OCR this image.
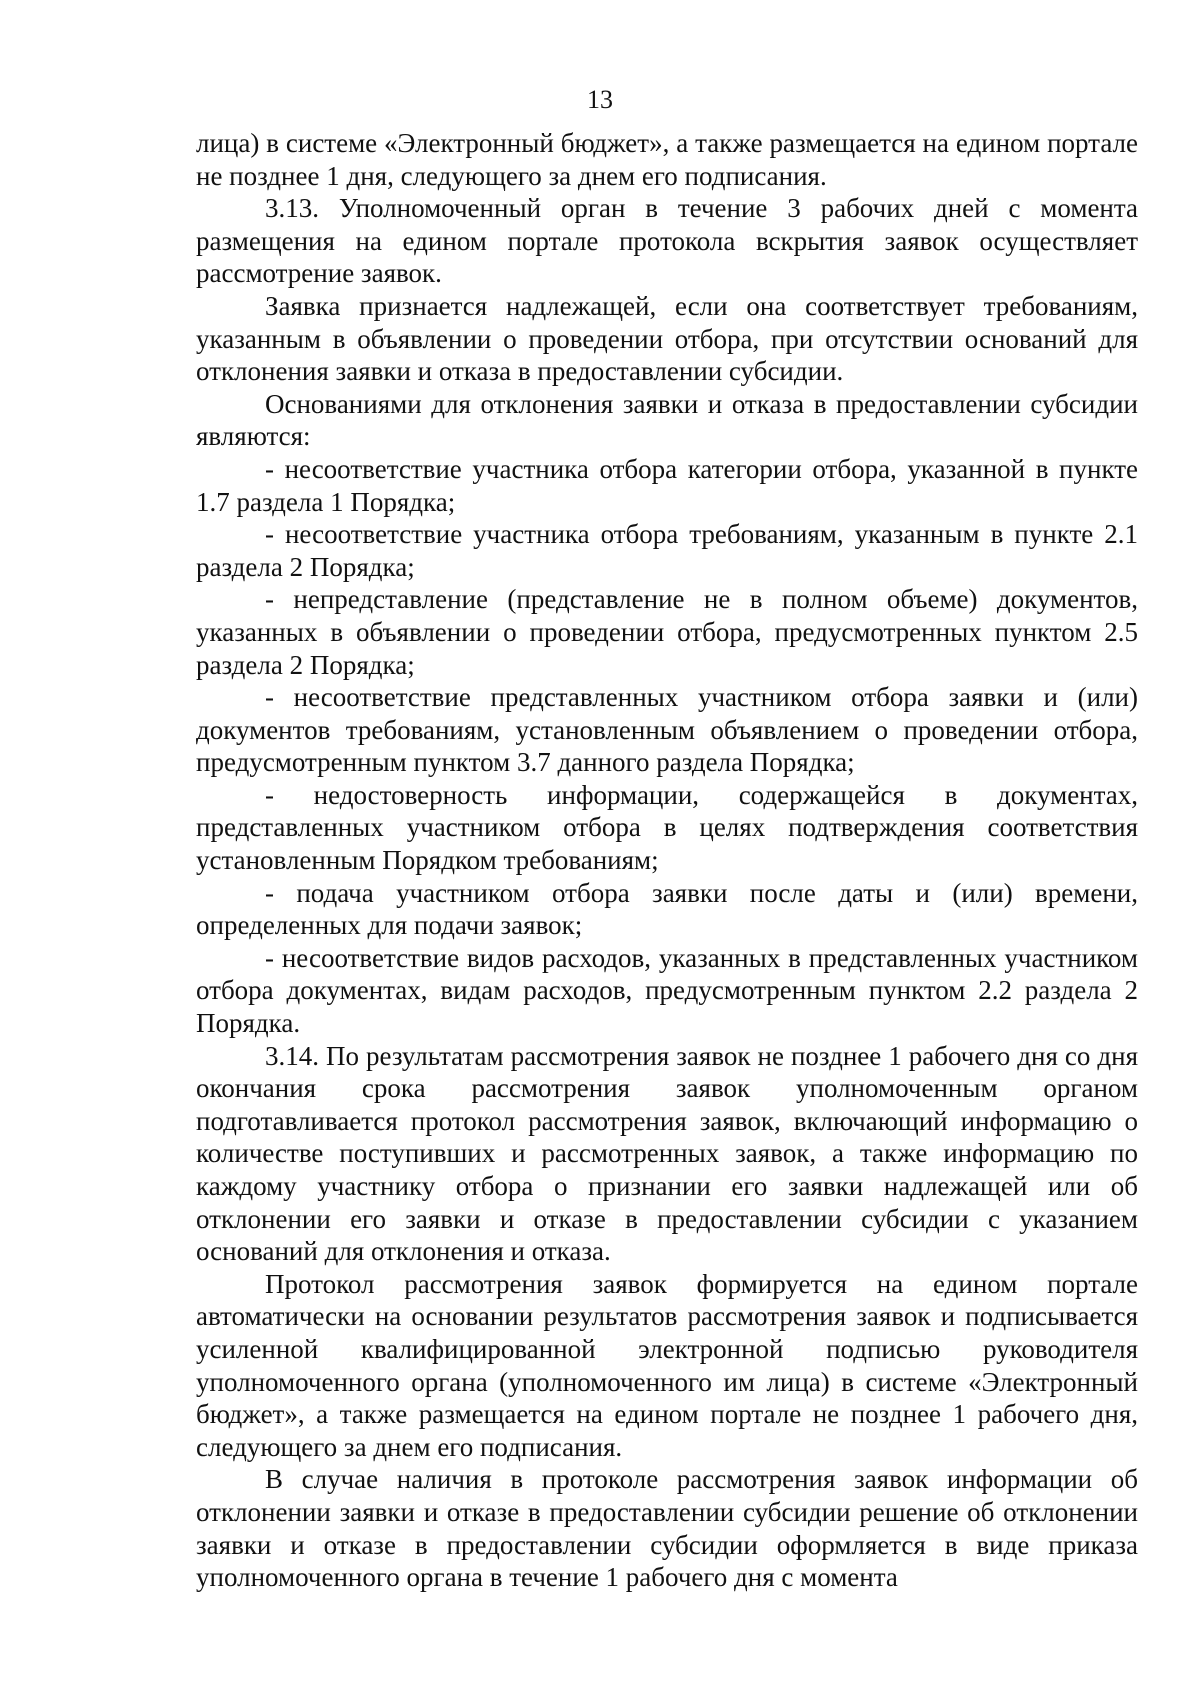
13

лица) в системе «Электронный бюджет», а также размещается на едином портале не позднее 1 дня, следующего за днем его подписания.

3.13. Уполномоченный орган в течение 3 рабочих дней с момента размещения на едином портале протокола вскрытия заявок осуществляет рассмотрение заявок.

Заявка признается надлежащей, если она соответствует требованиям, указанным в объявлении о проведении отбора, при отсутствии оснований для отклонения заявки и отказа в предоставлении субсидии.

Основаниями для отклонения заявки и отказа в предоставлении субсидии являются:

- несоответствие участника отбора категории отбора, указанной в пункте 1.7 раздела 1 Порядка;

- несоответствие участника отбора требованиям, указанным в пункте 2.1 раздела 2 Порядка;

- непредставление (представление не в полном объеме) документов, указанных в объявлении о проведении отбора, предусмотренных пунктом 2.5 раздела 2 Порядка;

- несоответствие представленных участником отбора заявки и (или) документов требованиям, установленным объявлением о проведении отбора, предусмотренным пунктом 3.7 данного раздела Порядка;

- недостоверность информации, содержащейся в документах, представленных участником отбора в целях подтверждения соответствия установленным Порядком требованиям;

- подача участником отбора заявки после даты и (или) времени, определенных для подачи заявок;

- несоответствие видов расходов, указанных в представленных участником отбора документах, видам расходов, предусмотренным пунктом 2.2 раздела 2 Порядка.

3.14. По результатам рассмотрения заявок не позднее 1 рабочего дня со дня окончания срока рассмотрения заявок уполномоченным органом подготавливается протокол рассмотрения заявок, включающий информацию о количестве поступивших и рассмотренных заявок, а также информацию по каждому участнику отбора о признании его заявки надлежащей или об отклонении его заявки и отказе в предоставлении субсидии с указанием оснований для отклонения и отказа.

Протокол рассмотрения заявок формируется на едином портале автоматически на основании результатов рассмотрения заявок и подписывается усиленной квалифицированной электронной подписью руководителя уполномоченного органа (уполномоченного им лица) в системе «Электронный бюджет», а также размещается на едином портале не позднее 1 рабочего дня, следующего за днем его подписания.

В случае наличия в протоколе рассмотрения заявок информации об отклонении заявки и отказе в предоставлении субсидии решение об отклонении заявки и отказе в предоставлении субсидии оформляется в виде приказа уполномоченного органа в течение 1 рабочего дня с момента
